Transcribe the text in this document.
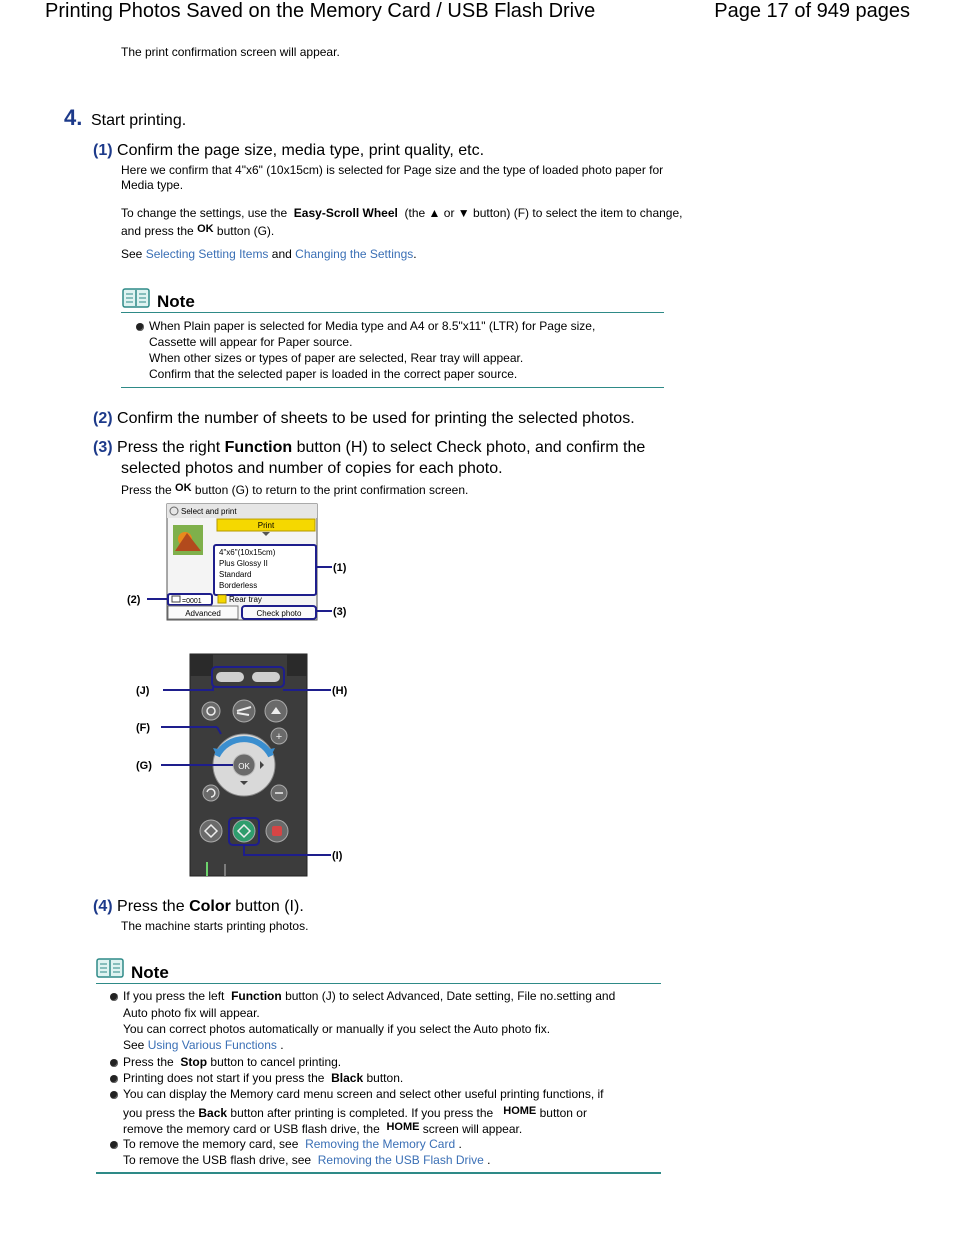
Printing Photos Saved on the Memory Card / USB Flash Drive	Page 17 of 949 pages
The print confirmation screen will appear.
4. Start printing.
(1) Confirm the page size, media type, print quality, etc.
Here we confirm that 4"x6" (10x15cm) is selected for Page size and the type of loaded photo paper for
Media type.
To change the settings, use the Easy-Scroll Wheel (the ▲ or ▼ button) (F) to select the item to change,
and press the OK button (G).
See Selecting Setting Items and Changing the Settings.
Note
When Plain paper is selected for Media type and A4 or 8.5"x11" (LTR) for Page size,
Cassette will appear for Paper source.
When other sizes or types of paper are selected, Rear tray will appear.
Confirm that the selected paper is loaded in the correct paper source.
(2) Confirm the number of sheets to be used for printing the selected photos.
(3) Press the right Function button (H) to select Check photo, and confirm the
selected photos and number of copies for each photo.
Press the OK button (G) to return to the print confirmation screen.
Select and print
Print
4"x6"(10x15cm)
Plus Glossy II
Standard
Borderless
=0001	Rear tray
Advanced	Check photo
(1)
(2)
(3)
+
OK
(J)	(H)
(F)
(G)
(I)
(4) Press the Color button (I).
The machine starts printing photos.
Note
If you press the left Function button (J) to select Advanced, Date setting, File no.setting and
Auto photo fix will appear.
You can correct photos automatically or manually if you select the Auto photo fix.
See Using Various Functions .
Press the Stop button to cancel printing.
Printing does not start if you press the Black button.
You can display the Memory card menu screen and select other useful printing functions, if
you press the Back button after printing is completed. If you press the HOME button or
remove the memory card or USB flash drive, the HOME screen will appear.
To remove the memory card, see Removing the Memory Card .
To remove the USB flash drive, see Removing the USB Flash Drive .
